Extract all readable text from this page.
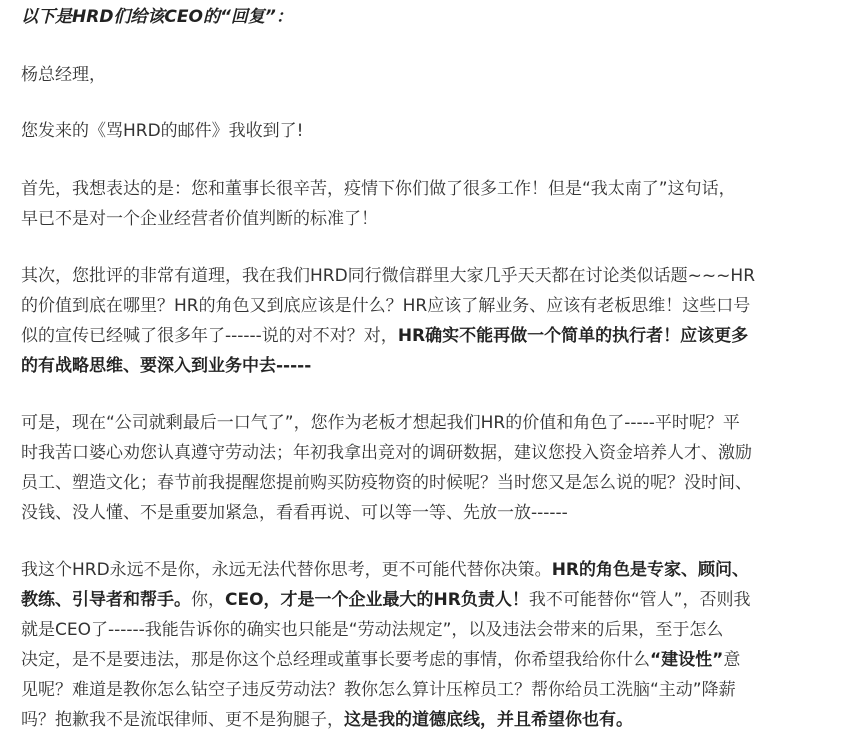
以下是HRD们给该CEO的“回复”：
杨总经理，
您发来的《骂HRD的邮件》我收到了!
首先，我想表达的是：您和董事长很辛苦，疫情下你们做了很多工作！但是“我太南了”这句话，
早已不是对一个企业经营者价值判断的标准了！
其次，您批评的非常有道理，我在我们HRD同行微信群里大家几乎天天都在讨论类似话题~~~HR
的价值到底在哪里？HR的角色又到底应该是什么？HR应该了解业务、应该有老板思维！这些口号
似的宣传已经喊了很多年了------说的对不对？对，HR确实不能再做一个简单的执行者！应该更多
的有战略思维、要深入到业务中去-----
可是，现在“公司就剩最后一口气了”，您作为老板才想起我们HR的价值和角色了-----平时呢？平
时我苦口婆心劝您认真遵守劳动法；年初我拿出竞对的调研数据，建议您投入资金培养人才、激励
员工、塑造文化；春节前我提醒您提前购买防疫物资的时候呢？当时您又是怎么说的呢？没时间、
没钱、没人懂、不是重要加紧急，看看再说、可以等一等、先放一放------
我这个HRD永远不是你，永远无法代替你思考，更不可能代替你决策。HR的角色是专家、顾问、
教练、引导者和帮手。你，CEO，才是一个企业最大的HR负责人！我不可能替你“管人”，否则我
就是CEO了------我能告诉你的确实也只能是“劳动法规定”，以及违法会带来的后果，至于怎么
决定，是不是要违法，那是你这个总经理或董事长要考虑的事情，你希望我给你什么“建设性”意
见呢？难道是教你怎么钻空子违反劳动法？教你怎么算计压榨员工？帮你给员工洗脑“主动”降薪
吗？抱歉我不是流氓律师、更不是狗腿子，这是我的道德底线，并且希望你也有。
